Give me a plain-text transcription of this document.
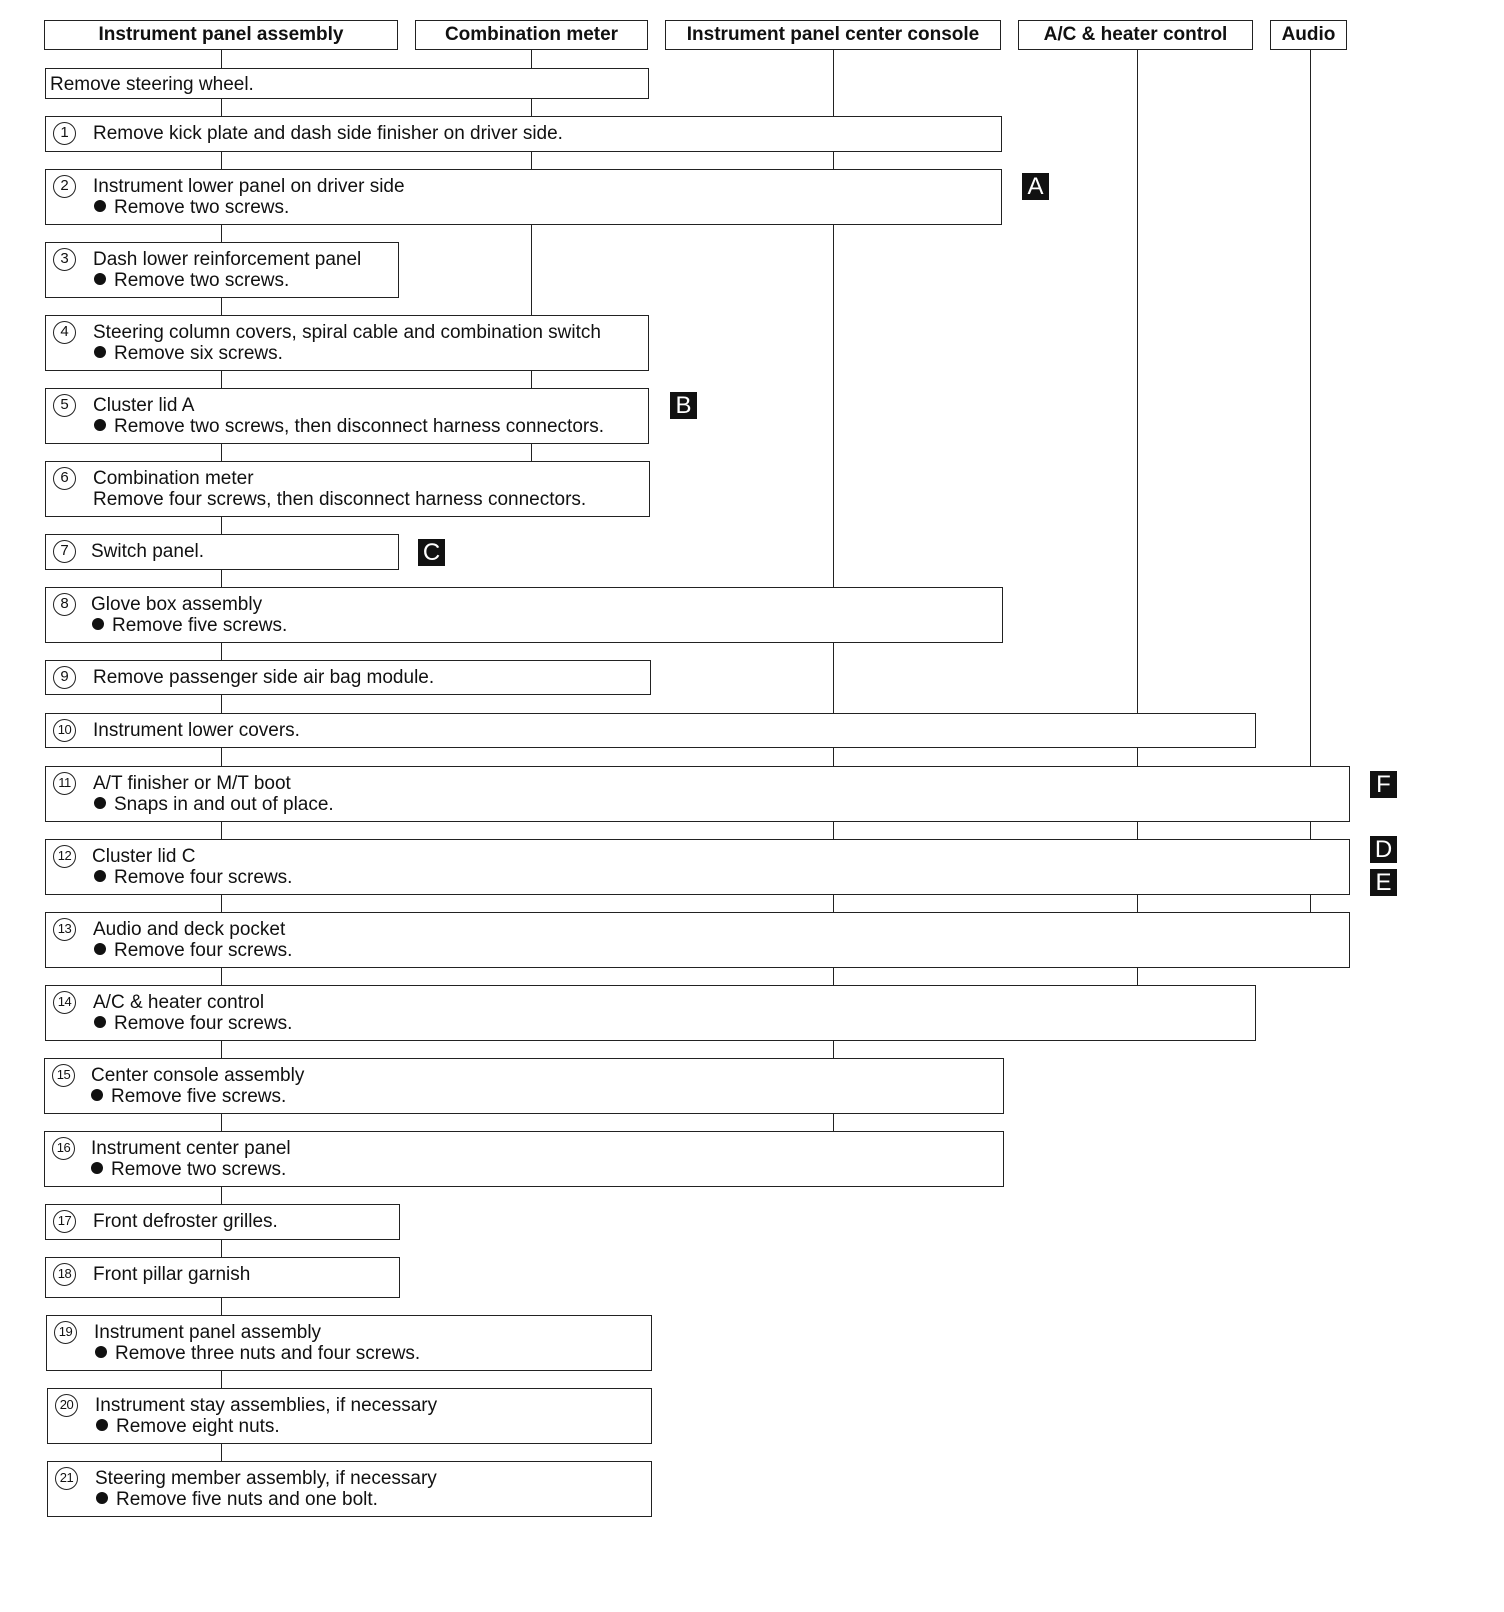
Instrument panel assembly	Combination meter	Instrument panel center console	A/C & heater control	Audio
Remove steering wheel.
1	Remove kick plate and dash side finisher on driver side.
2	Instrument lower panel on driver side
Remove two screws.
3	Dash lower reinforcement panel
Remove two screws.
4	Steering column covers, spiral cable and combination switch
Remove six screws.
5	Cluster lid A
Remove two screws, then disconnect harness connectors.
6	Combination meter
Remove four screws, then disconnect harness connectors.
7	Switch panel.
8	Glove box assembly
Remove five screws.
9	Remove passenger side air bag module.
10 Instrument lower covers.
11 A/T finisher or M/T boot
Snaps in and out of place.
12 Cluster lid C
Remove four screws.
13 Audio and deck pocket
Remove four screws.
14 A/C & heater control
Remove four screws.
15 Center console assembly
Remove five screws.
16 Instrument center panel
Remove two screws.
17 Front defroster grilles.
18 Front pillar garnish
19 Instrument panel assembly
Remove three nuts and four screws.
20 Instrument stay assemblies, if necessary
Remove eight nuts.
21 Steering member assembly, if necessary
Remove five nuts and one bolt.
A
B
C
F
D
E
